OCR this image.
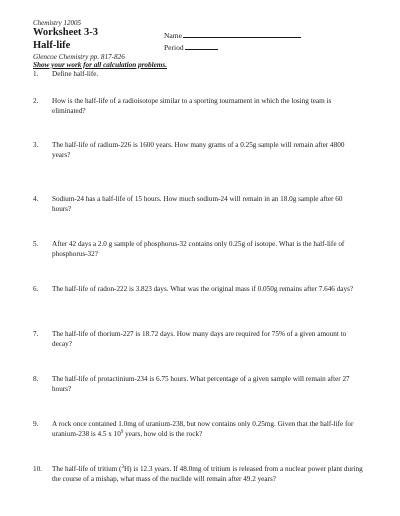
Chemistry 12005
Worksheet 3-3
Half-life
Name
Period
Glencoe Chemistry pp. 817-826
Show your work for all calculation problems.
1. Define half-life.
2. How is the half-life of a radioisotope similar to a sporting tournament in which the losing team is eliminated?
3. The half-life of radium-226 is 1600 years. How many grams of a 0.25g sample will remain after 4800 years?
4. Sodium-24 has a half-life of 15 hours. How much sodium-24 will remain in an 18.0g sample after 60 hours?
5. After 42 days a 2.0 g sample of phosphorus-32 contains only 0.25g of isotope. What is the half-life of phosphorus-32?
6. The half-life of radon-222 is 3.823 days. What was the original mass if 0.050g remains after 7.646 days?
7. The half-life of thorium-227 is 18.72 days. How many days are required for 75% of a given amount to decay?
8. The half-life of protactinium-234 is 6.75 hours. What percentage of a given sample will remain after 27 hours?
9. A rock once contained 1.0mg of uranium-238, but now contains only 0.25mg. Given that the half-life for uranium-238 is 4.5 x $10^9$ years, how old is the rock?
10. The half-life of tritium ($^3$H) is 12.3 years. If 48.0mg of tritium is released from a nuclear power plant during the course of a mishap, what mass of the nuclide will remain after 49.2 years?
